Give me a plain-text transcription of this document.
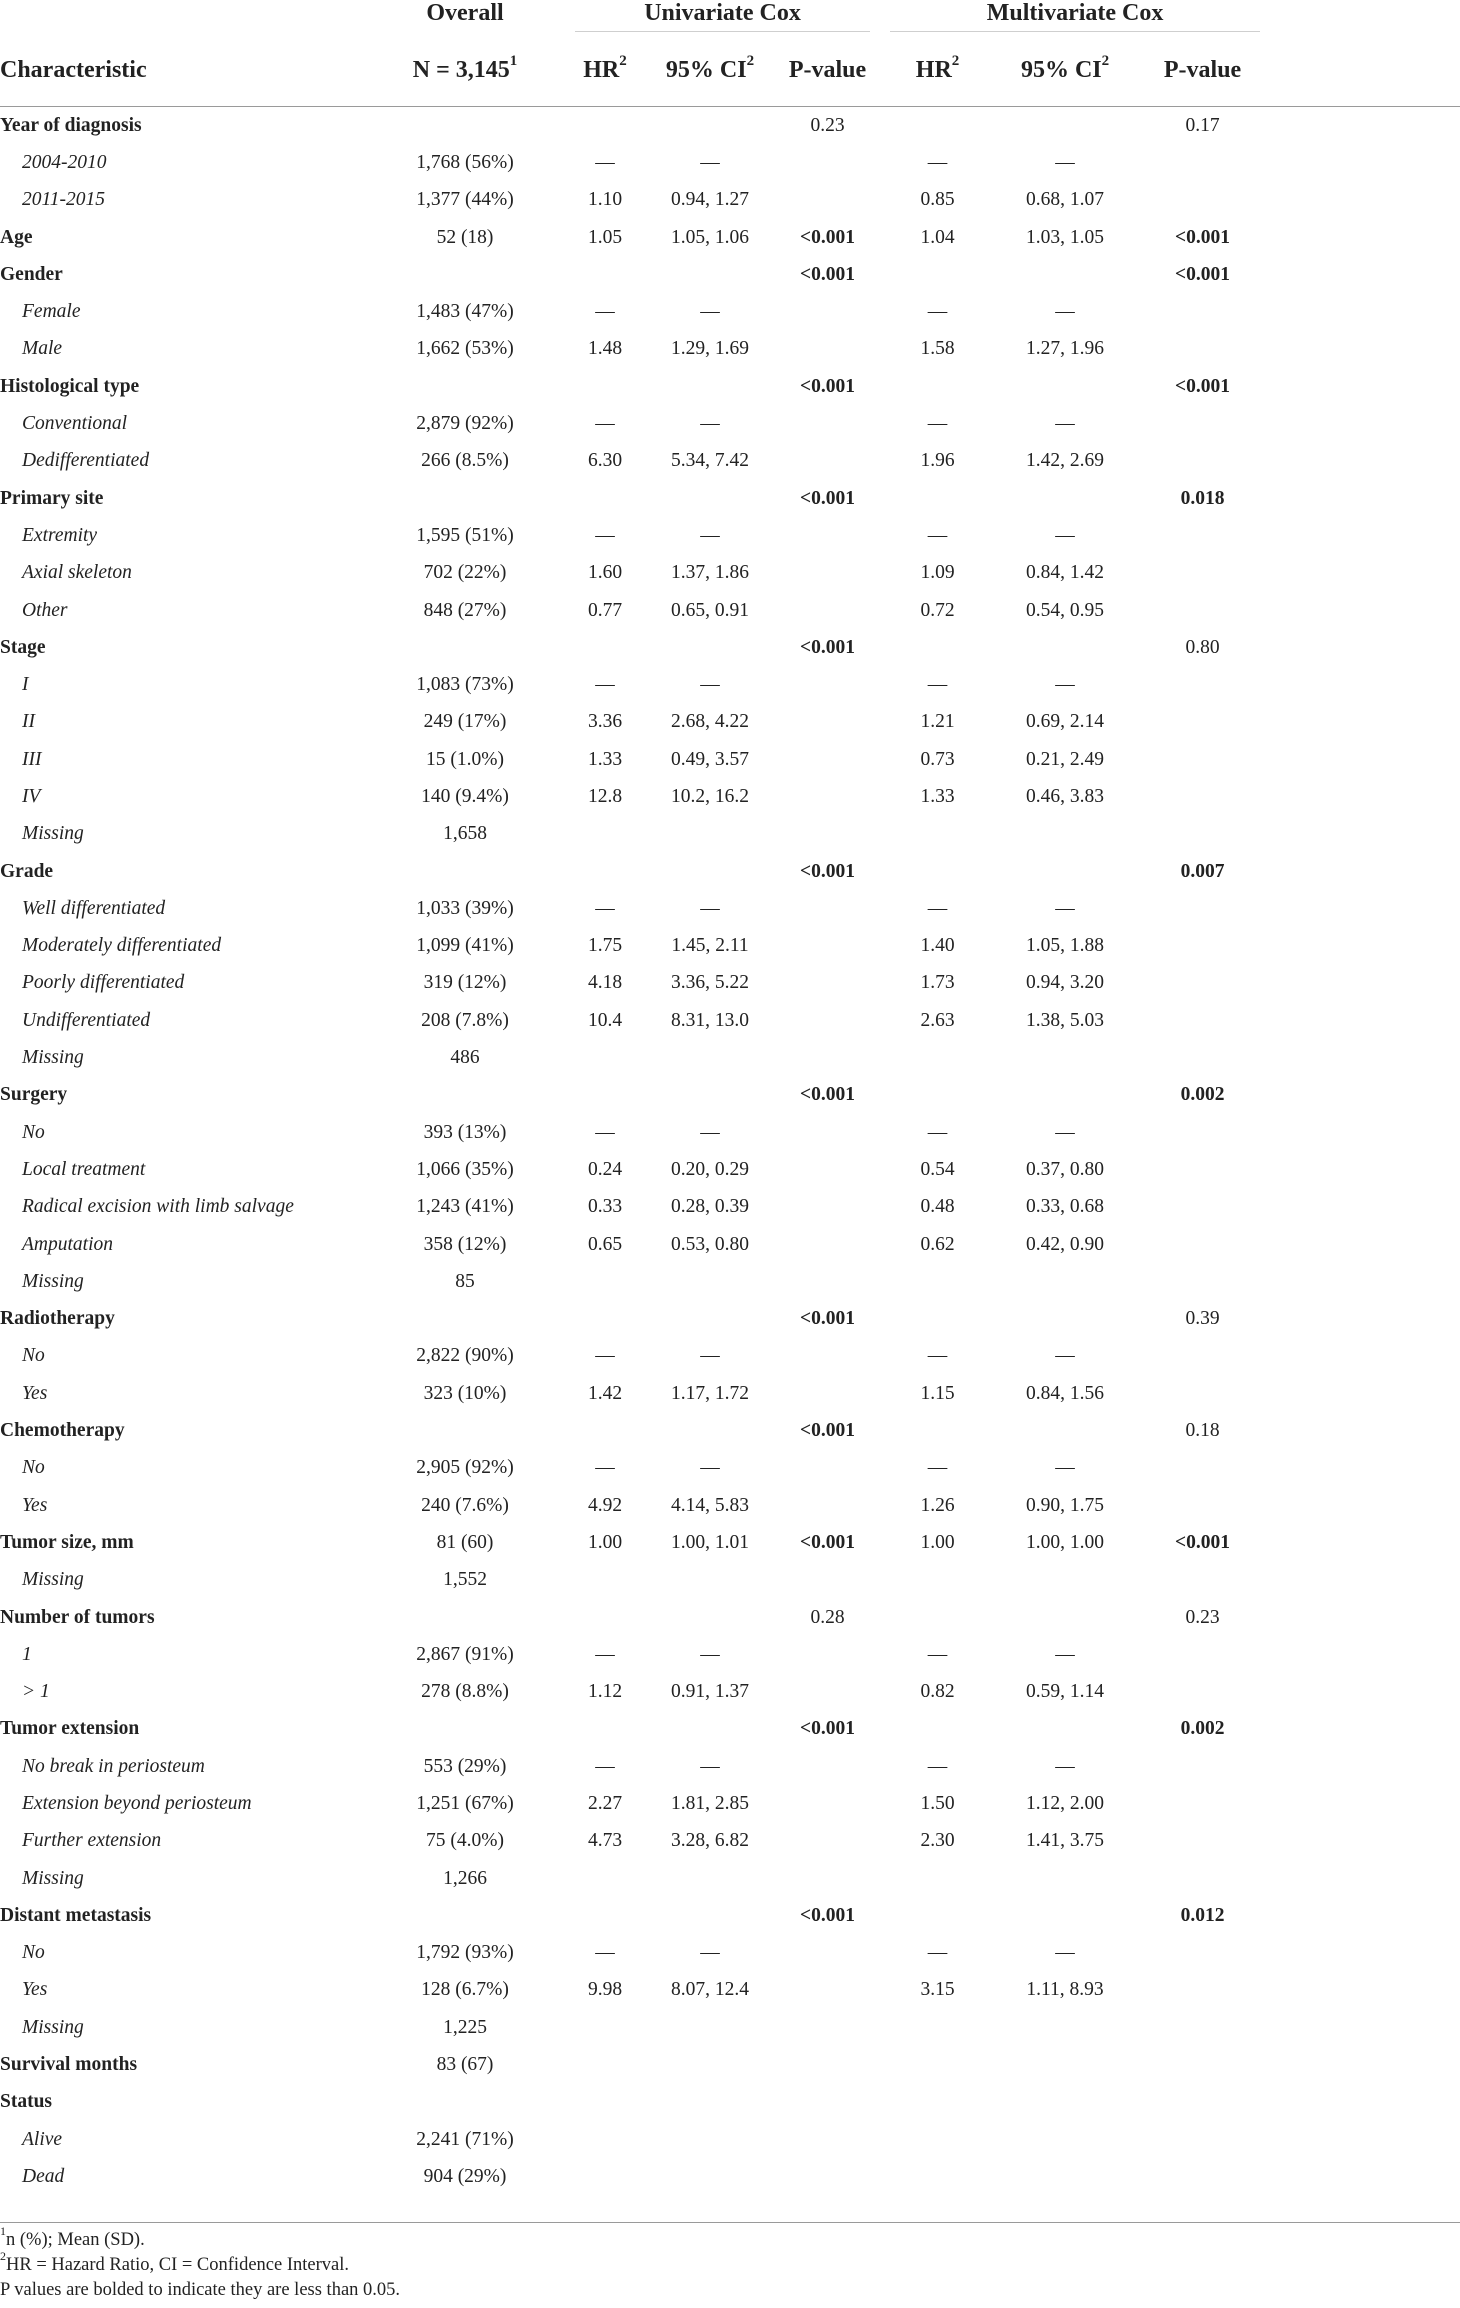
	Overall	Univariate Cox			Multivariate Cox			

Characteristic	$N = 3,145^1$	$HR^2$	95% $CI^2$	P-value	$HR^2$	95% $CI^2$	P-value	
Year of diagnosis				0.23			0.17	
2004-2010	1,768 (56%)	—	—		—	—		
2011-2015	1,377 (44%)	1.10	0.94, 1.27		0.85	0.68, 1.07		
Age	52 (18)	1.05	1.05, 1.06	<0.001	1.04	1.03, 1.05	<0.001	
Gender				<0.001			<0.001	
Female	1,483 (47%)	—	—		—	—		
Male	1,662 (53%)	1.48	1.29, 1.69		1.58	1.27, 1.96		
Histological type				<0.001			<0.001	
Conventional	2,879 (92%)	—	—		—	—		
Dedifferentiated	266 (8.5%)	6.30	5.34, 7.42		1.96	1.42, 2.69		
Primary site				<0.001			0.018	
Extremity	1,595 (51%)	—	—		—	—		
Axial skeleton	702 (22%)	1.60	1.37, 1.86		1.09	0.84, 1.42		
Other	848 (27%)	0.77	0.65, 0.91		0.72	0.54, 0.95		
Stage				<0.001			0.80	
I	1,083 (73%)	—	—		—	—		
II	249 (17%)	3.36	2.68, 4.22		1.21	0.69, 2.14		
III	15 (1.0%)	1.33	0.49, 3.57		0.73	0.21, 2.49		
IV	140 (9.4%)	12.8	10.2, 16.2		1.33	0.46, 3.83		
Missing	1,658							
Grade				<0.001			0.007	
Well differentiated	1,033 (39%)	—	—		—	—		
Moderately differentiated	1,099 (41%)	1.75	1.45, 2.11		1.40	1.05, 1.88		
Poorly differentiated	319 (12%)	4.18	3.36, 5.22		1.73	0.94, 3.20		
Undifferentiated	208 (7.8%)	10.4	8.31, 13.0		2.63	1.38, 5.03		
Missing	486							
Surgery				<0.001			0.002	
No	393 (13%)	—	—		—	—		
Local treatment	1,066 (35%)	0.24	0.20, 0.29		0.54	0.37, 0.80		
Radical excision with limb salvage	1,243 (41%)	0.33	0.28, 0.39		0.48	0.33, 0.68		
Amputation	358 (12%)	0.65	0.53, 0.80		0.62	0.42, 0.90		
Missing	85							
Radiotherapy				<0.001			0.39	
No	2,822 (90%)	—	—		—	—		
Yes	323 (10%)	1.42	1.17, 1.72		1.15	0.84, 1.56		
Chemotherapy				<0.001			0.18	
No	2,905 (92%)	—	—		—	—		
Yes	240 (7.6%)	4.92	4.14, 5.83		1.26	0.90, 1.75		
Tumor size, mm	81 (60)	1.00	1.00, 1.01	<0.001	1.00	1.00, 1.00	<0.001	
Missing	1,552							
Number of tumors				0.28			0.23	
1	2,867 (91%)	—	—		—	—		
> 1	278 (8.8%)	1.12	0.91, 1.37		0.82	0.59, 1.14		
Tumor extension				<0.001			0.002	
No break in periosteum	553 (29%)	—	—		—	—		
Extension beyond periosteum	1,251 (67%)	2.27	1.81, 2.85		1.50	1.12, 2.00		
Further extension	75 (4.0%)	4.73	3.28, 6.82		2.30	1.41, 3.75		
Missing	1,266							
Distant metastasis				<0.001			0.012	
No	1,792 (93%)	—	—		—	—		
Yes	128 (6.7%)	9.98	8.07, 12.4		3.15	1.11, 8.93		
Missing	1,225							
Survival months	83 (67)							
Status								
Alive	2,241 (71%)							
Dead	904 (29%)							
$^1$n (%); Mean (SD).
$^2$HR = Hazard Ratio, CI = Confidence Interval.
P values are bolded to indicate they are less than 0.05.
